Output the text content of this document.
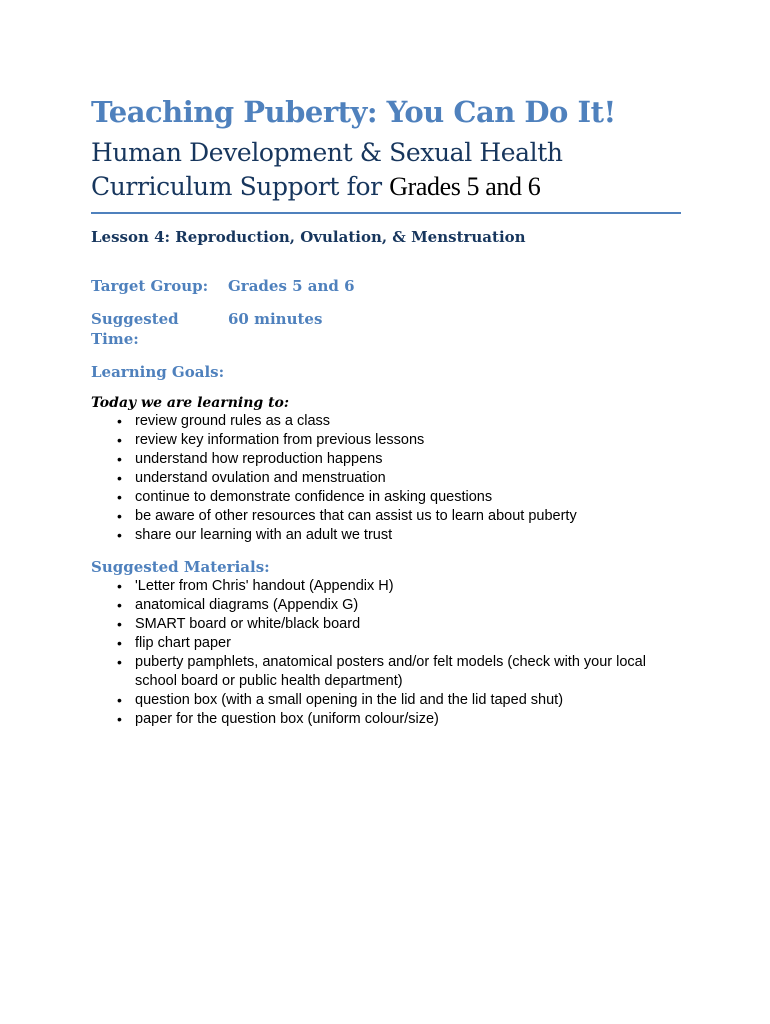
Teaching Puberty: You Can Do It!

Human Development & Sexual Health

Curriculum Support for Grades 5 and 6

Lesson 4: Reproduction, Ovulation, & Menstruation
Target Group:	Grades 5 and 6
Suggested Time:
60 minutes
Learning Goals:
Today we are learning to:
• review ground rules as a class
• review key information from previous lessons
• understand how reproduction happens
• understand ovulation and menstruation
• continue to demonstrate confidence in asking questions
• be aware of other resources that can assist us to learn about puberty
• share our learning with an adult we trust
Suggested Materials:
• 'Letter from Chris' handout (Appendix H)
• anatomical diagrams (Appendix G)
• SMART board or white/black board
• flip chart paper
• puberty pamphlets, anatomical posters and/or felt models (check with your local school board or public health department)
• question box (with a small opening in the lid and the lid taped shut)
• paper for the question box (uniform colour/size)
